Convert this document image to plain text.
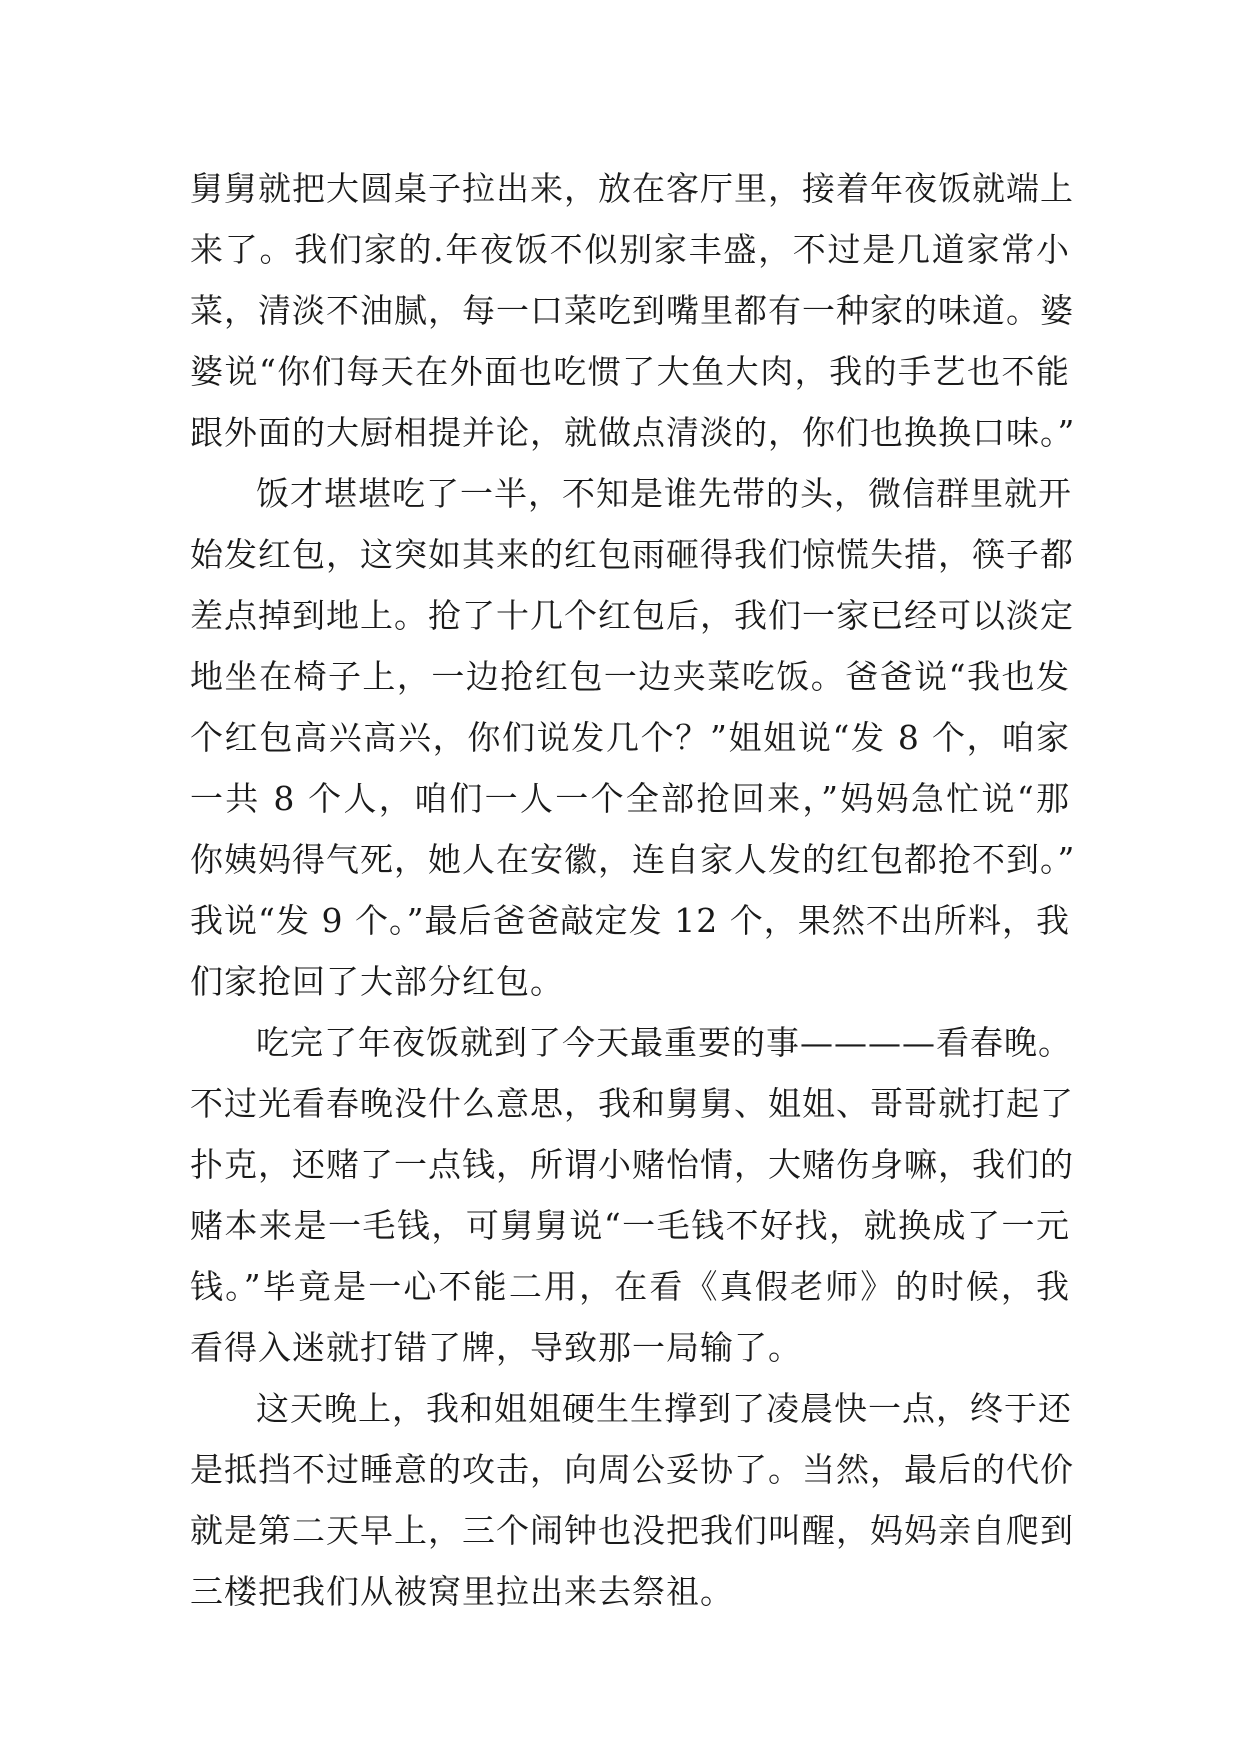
舅舅就把大圆桌子拉出来，放在客厅里，接着年夜饭就端上
来了。我们家的.年夜饭不似别家丰盛，不过是几道家常小
菜，清淡不油腻，每一口菜吃到嘴里都有一种家的味道。婆
婆说“你们每天在外面也吃惯了大鱼大肉，我的手艺也不能
跟外面的大厨相提并论，就做点清淡的，你们也换换口味。”
饭才堪堪吃了一半，不知是谁先带的头，微信群里就开
始发红包，这突如其来的红包雨砸得我们惊慌失措，筷子都
差点掉到地上。抢了十几个红包后，我们一家已经可以淡定
地坐在椅子上，一边抢红包一边夹菜吃饭。爸爸说“我也发
个红包高兴高兴，你们说发几个？”姐姐说“发 8 个，咱家
一共 8 个人，咱们一人一个全部抢回来，”妈妈急忙说“那
你姨妈得气死，她人在安徽，连自家人发的红包都抢不到。”
我说“发 9 个。”最后爸爸敲定发 12 个，果然不出所料，我
们家抢回了大部分红包。
吃完了年夜饭就到了今天最重要的事————看春晚。
不过光看春晚没什么意思，我和舅舅、姐姐、哥哥就打起了
扑克，还赌了一点钱，所谓小赌怡情，大赌伤身嘛，我们的
赌本来是一毛钱，可舅舅说“一毛钱不好找，就换成了一元
钱。”毕竟是一心不能二用，在看《真假老师》的时候，我
看得入迷就打错了牌，导致那一局输了。
这天晚上，我和姐姐硬生生撑到了凌晨快一点，终于还
是抵挡不过睡意的攻击，向周公妥协了。当然，最后的代价
就是第二天早上，三个闹钟也没把我们叫醒，妈妈亲自爬到
三楼把我们从被窝里拉出来去祭祖。
